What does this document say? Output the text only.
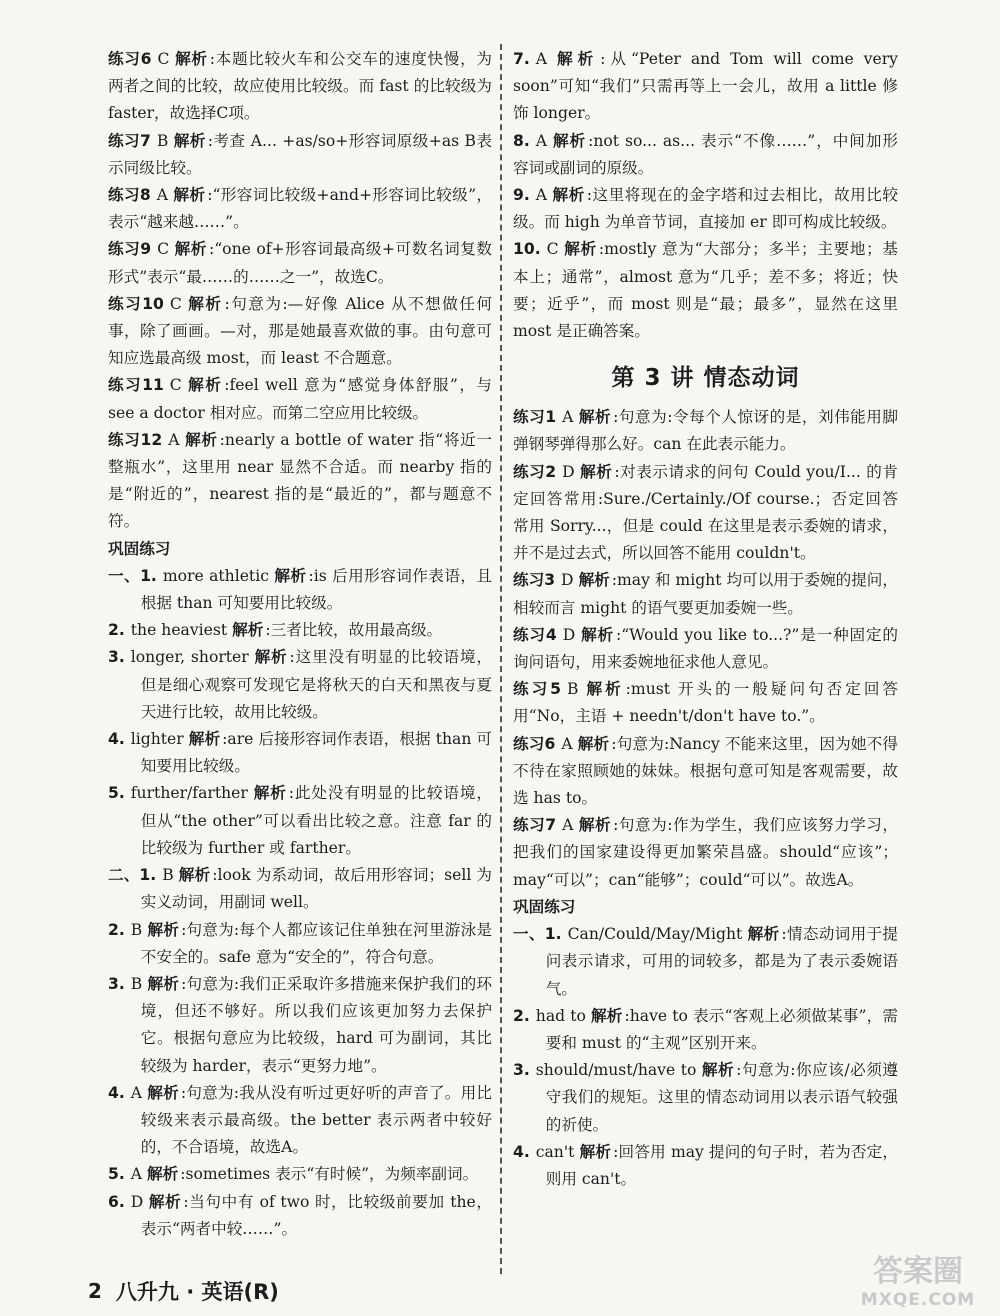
练习6 C 解析 :本题比较火车和公交车的速度快慢，为两者之间的比较，故应使用比较级。而 fast 的比较级为 faster，故选择C项。

练习7 B 解析 :考查 A... +as/so+形容词原级+as B表示同级比较。

练习8 A 解析 :“形容词比较级+and+形容词比较级”，表示“越来越……”。

练习9 C 解析 :“one of+形容词最高级+可数名词复数形式”表示“最……的……之一”，故选C。

练习10 C 解析 :句意为:—好像 Alice 从不想做任何事，除了画画。—对，那是她最喜欢做的事。由句意可知应选最高级 most，而 least 不合题意。

练习11 C 解析 :feel well 意为“感觉身体舒服”，与 see a doctor 相对应。而第二空应用比较级。

练习12 A 解析 :nearly a bottle of water 指“将近一整瓶水”，这里用 near 显然不合适。而 nearby 指的是“附近的”，nearest 指的是“最近的”，都与题意不符。

巩固练习

一、1. more athletic 解析 :is 后用形容词作表语，且根据 than 可知要用比较级。

2. the heaviest 解析 :三者比较，故用最高级。

3. longer, shorter 解析 :这里没有明显的比较语境，但是细心观察可发现它是将秋天的白天和黑夜与夏天进行比较，故用比较级。

4. lighter 解析 :are 后接形容词作表语，根据 than 可知要用比较级。

5. further/farther 解析 :此处没有明显的比较语境，但从“the other”可以看出比较之意。注意 far 的比较级为 further 或 farther。

二、1. B 解析 :look 为系动词，故后用形容词；sell 为实义动词，用副词 well。

2. B 解析 :句意为:每个人都应该记住单独在河里游泳是不安全的。safe 意为“安全的”，符合句意。

3. B 解析 :句意为:我们正采取许多措施来保护我们的环境，但还不够好。所以我们应该更加努力去保护它。根据句意应为比较级，hard 可为副词，其比较级为 harder，表示“更努力地”。

4. A 解析 :句意为:我从没有听过更好听的声音了。用比较级来表示最高级。the better 表示两者中较好的，不合语境，故选A。

5. A 解析 :sometimes 表示“有时候”，为频率副词。

6. D 解析 :当句中有 of two 时，比较级前要加 the，表示“两者中较……”。

7. A 解析 :从“Peter and Tom will come very soon”可知“我们”只需再等上一会儿，故用 a little 修饰 longer。

8. A 解析 :not so... as... 表示“不像……”，中间加形容词或副词的原级。

9. A 解析 :这里将现在的金字塔和过去相比，故用比较级。而 high 为单音节词，直接加 er 即可构成比较级。

10. C 解析 :mostly 意为“大部分；多半；主要地；基本上；通常”，almost 意为“几乎；差不多；将近；快要；近乎”，而 most 则是“最；最多”，显然在这里 most 是正确答案。

第 3 讲 情态动词

练习1 A 解析 :句意为:令每个人惊讶的是，刘伟能用脚弹钢琴弹得那么好。can 在此表示能力。

练习2 D 解析 :对表示请求的问句 Could you/I... 的肯定回答常用:Sure./Certainly./Of course.；否定回答常用 Sorry...，但是 could 在这里是表示委婉的请求，并不是过去式，所以回答不能用 couldn't。

练习3 D 解析 :may 和 might 均可以用于委婉的提问，相较而言 might 的语气要更加委婉一些。

练习4 D 解析 :“Would you like to...?”是一种固定的询问语句，用来委婉地征求他人意见。

练习5 B 解析 :must 开头的一般疑问句否定回答用“No，主语 + needn't/don't have to.”。

练习6 A 解析 :句意为:Nancy 不能来这里，因为她不得不待在家照顾她的妹妹。根据句意可知是客观需要，故选 has to。

练习7 A 解析 :句意为:作为学生，我们应该努力学习，把我们的国家建设得更加繁荣昌盛。should“应该”；may“可以”；can“能够”；could“可以”。故选A。

巩固练习

一、1. Can/Could/May/Might 解析 :情态动词用于提问表示请求，可用的词较多，都是为了表示委婉语气。

2. had to 解析 :have to 表示“客观上必须做某事”，需要和 must 的“主观”区别开来。

3. should/must/have to 解析 :句意为:你应该/必须遵守我们的规矩。这里的情态动词用以表示语气较强的祈使。

4. can't 解析 :回答用 may 提问的句子时，若为否定，则用 can't。

2 八升九 · 英语(R)
答案圈
MXQE.COM
